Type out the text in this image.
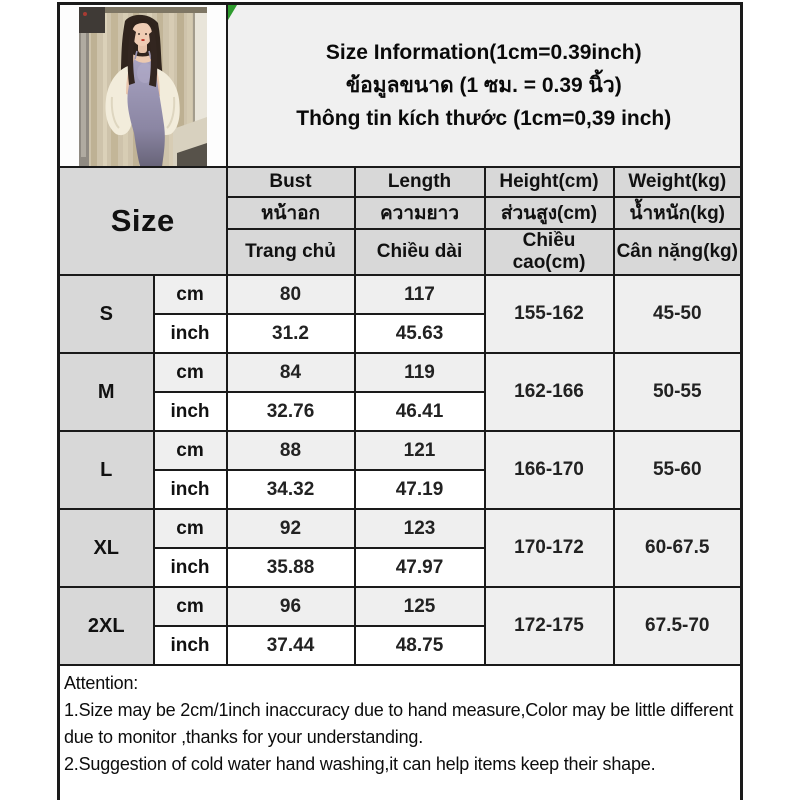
Size Information(1cm=0.39inch)
ข้อมูลขนาด (1 ซม. = 0.39 นิ้ว)
Thông tin kích thước (1cm=0,39 inch)			

Size		Bust	Length	Height(cm)	Weight(kg)
		หน้าอก	ความยาว	ส่วนสูง(cm)	น้ำหนัก(kg)
		Trang chủ	Chiều dài	Chiều cao(cm)	Cân nặng(kg)
S	cm	80	117	155-162	45-50
	inch	31.2	45.63		
M	cm	84	119	162-166	50-55
	inch	32.76	46.41		
L	cm	88	121	166-170	55-60
	inch	34.32	47.19		
XL	cm	92	123	170-172	60-67.5
	inch	35.88	47.97		
2XL	cm	96	125	172-175	67.5-70
	inch	37.44	48.75		

Attention:
1.Size may be 2cm/1inch inaccuracy due to hand measure,Color may be little different due to monitor ,thanks for your understanding.
2.Suggestion of cold water hand washing,it can help items keep their shape.					
